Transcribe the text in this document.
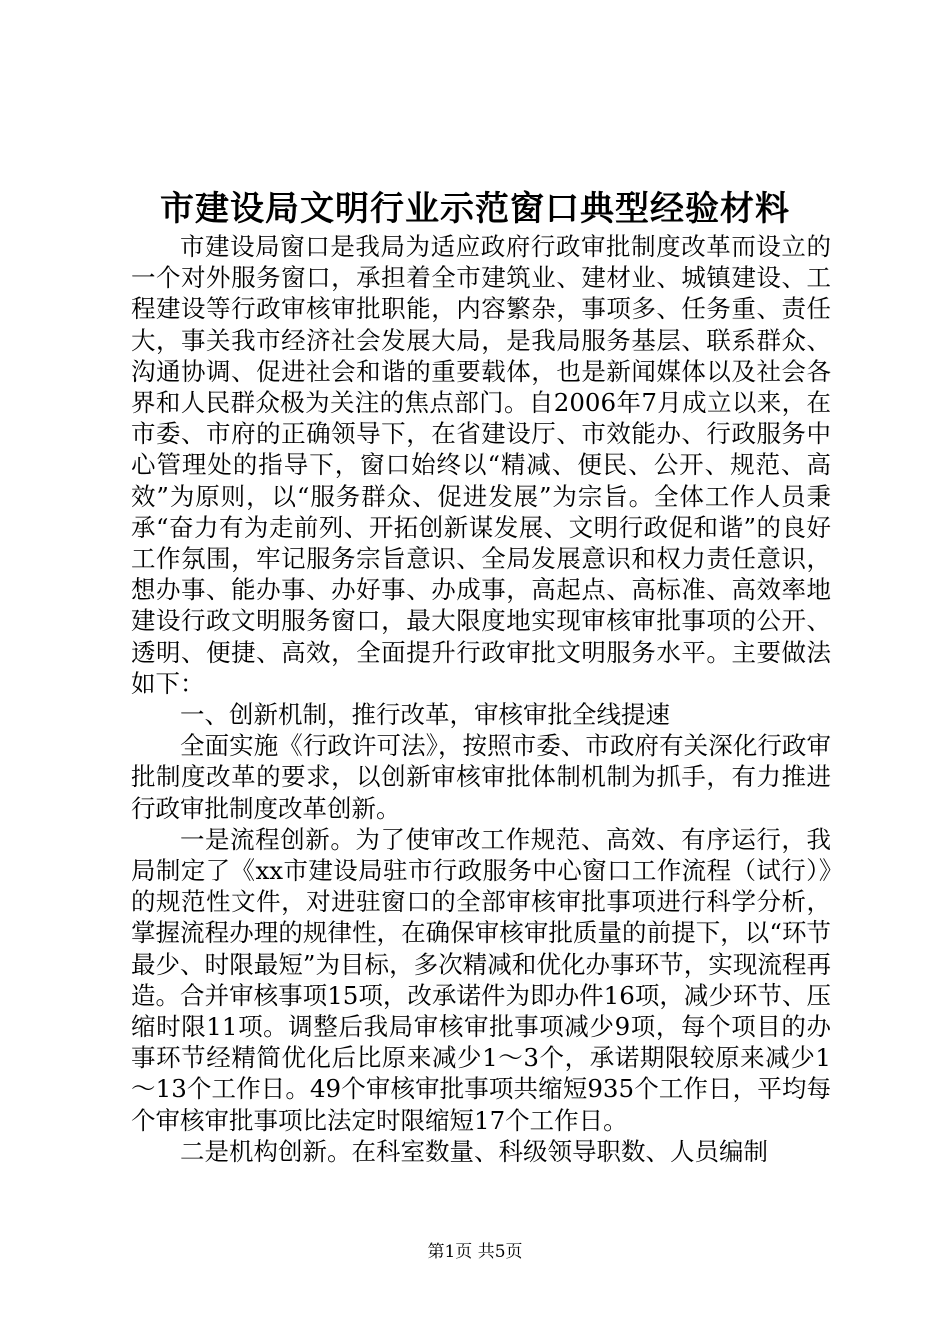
市建设局文明行业示范窗口典型经验材料

市建设局窗口是我局为适应政府行政审批制度改革而设立的一个对外服务窗口，承担着全市建筑业、建材业、城镇建设、工程建设等行政审核审批职能，内容繁杂，事项多、任务重、责任大，事关我市经济社会发展大局，是我局服务基层、联系群众、沟通协调、促进社会和谐的重要载体，也是新闻媒体以及社会各界和人民群众极为关注的焦点部门。自2006年7月成立以来，在市委、市府的正确领导下，在省建设厅、市效能办、行政服务中心管理处的指导下，窗口始终以“精减、便民、公开、规范、高效”为原则，以“服务群众、促进发展”为宗旨。全体工作人员秉承“奋力有为走前列、开拓创新谋发展、文明行政促和谐”的良好工作氛围，牢记服务宗旨意识、全局发展意识和权力责任意识，想办事、能办事、办好事、办成事，高起点、高标准、高效率地建设行政文明服务窗口，最大限度地实现审核审批事项的公开、透明、便捷、高效，全面提升行政审批文明服务水平。主要做法如下：

一、创新机制，推行改革，审核审批全线提速

全面实施《行政许可法》，按照市委、市政府有关深化行政审批制度改革的要求，以创新审核审批体制机制为抓手，有力推进行政审批制度改革创新。

一是流程创新。为了使审改工作规范、高效、有序运行，我局制定了《xx市建设局驻市行政服务中心窗口工作流程（试行）》的规范性文件，对进驻窗口的全部审核审批事项进行科学分析，掌握流程办理的规律性，在确保审核审批质量的前提下，以“环节最少、时限最短”为目标，多次精减和优化办事环节，实现流程再造。合并审核事项15项，改承诺件为即办件16项，减少环节、压缩时限11项。调整后我局审核审批事项减少9项，每个项目的办事环节经精简优化后比原来减少1～3个，承诺期限较原来减少1～13个工作日。49个审核审批事项共缩短935个工作日，平均每个审核审批事项比法定时限缩短17个工作日。

二是机构创新。在科室数量、科级领导职数、人员编制

第1页 共5页
